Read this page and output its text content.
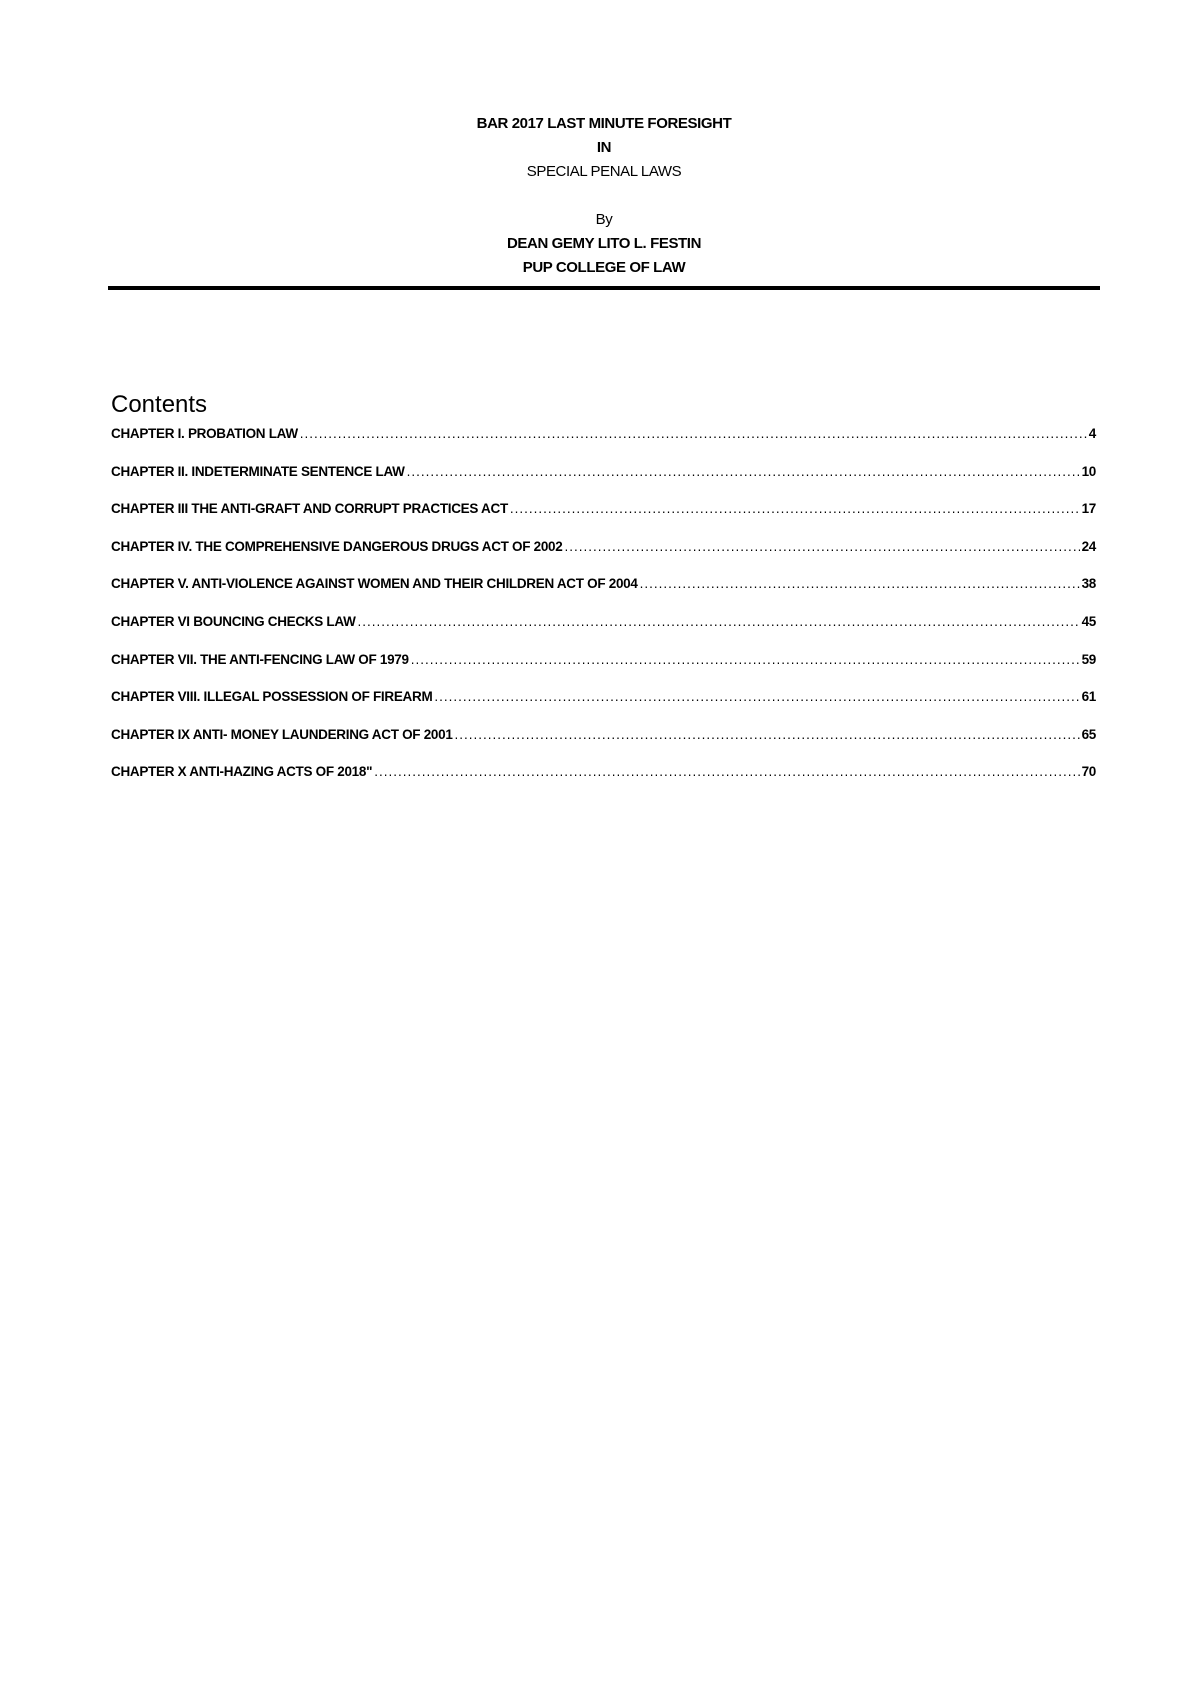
BAR 2017 LAST MINUTE FORESIGHT
IN
SPECIAL PENAL LAWS
By
DEAN GEMY LITO L. FESTIN
PUP COLLEGE OF LAW
Contents
CHAPTER I. PROBATION LAW .....	4
CHAPTER II. INDETERMINATE SENTENCE LAW .....	10
CHAPTER III THE ANTI-GRAFT AND CORRUPT PRACTICES ACT .....	17
CHAPTER IV. THE COMPREHENSIVE DANGEROUS DRUGS ACT OF 2002 .....	24
CHAPTER V. ANTI-VIOLENCE AGAINST WOMEN AND THEIR CHILDREN ACT OF 2004 .....	38
CHAPTER VI BOUNCING CHECKS LAW .....	45
CHAPTER VII. THE ANTI-FENCING LAW OF 1979 .....	59
CHAPTER VIII. ILLEGAL POSSESSION OF FIREARM .....	61
CHAPTER IX ANTI- MONEY LAUNDERING ACT OF 2001 .....	65
CHAPTER X ANTI-HAZING ACTS OF 2018" .....	70
